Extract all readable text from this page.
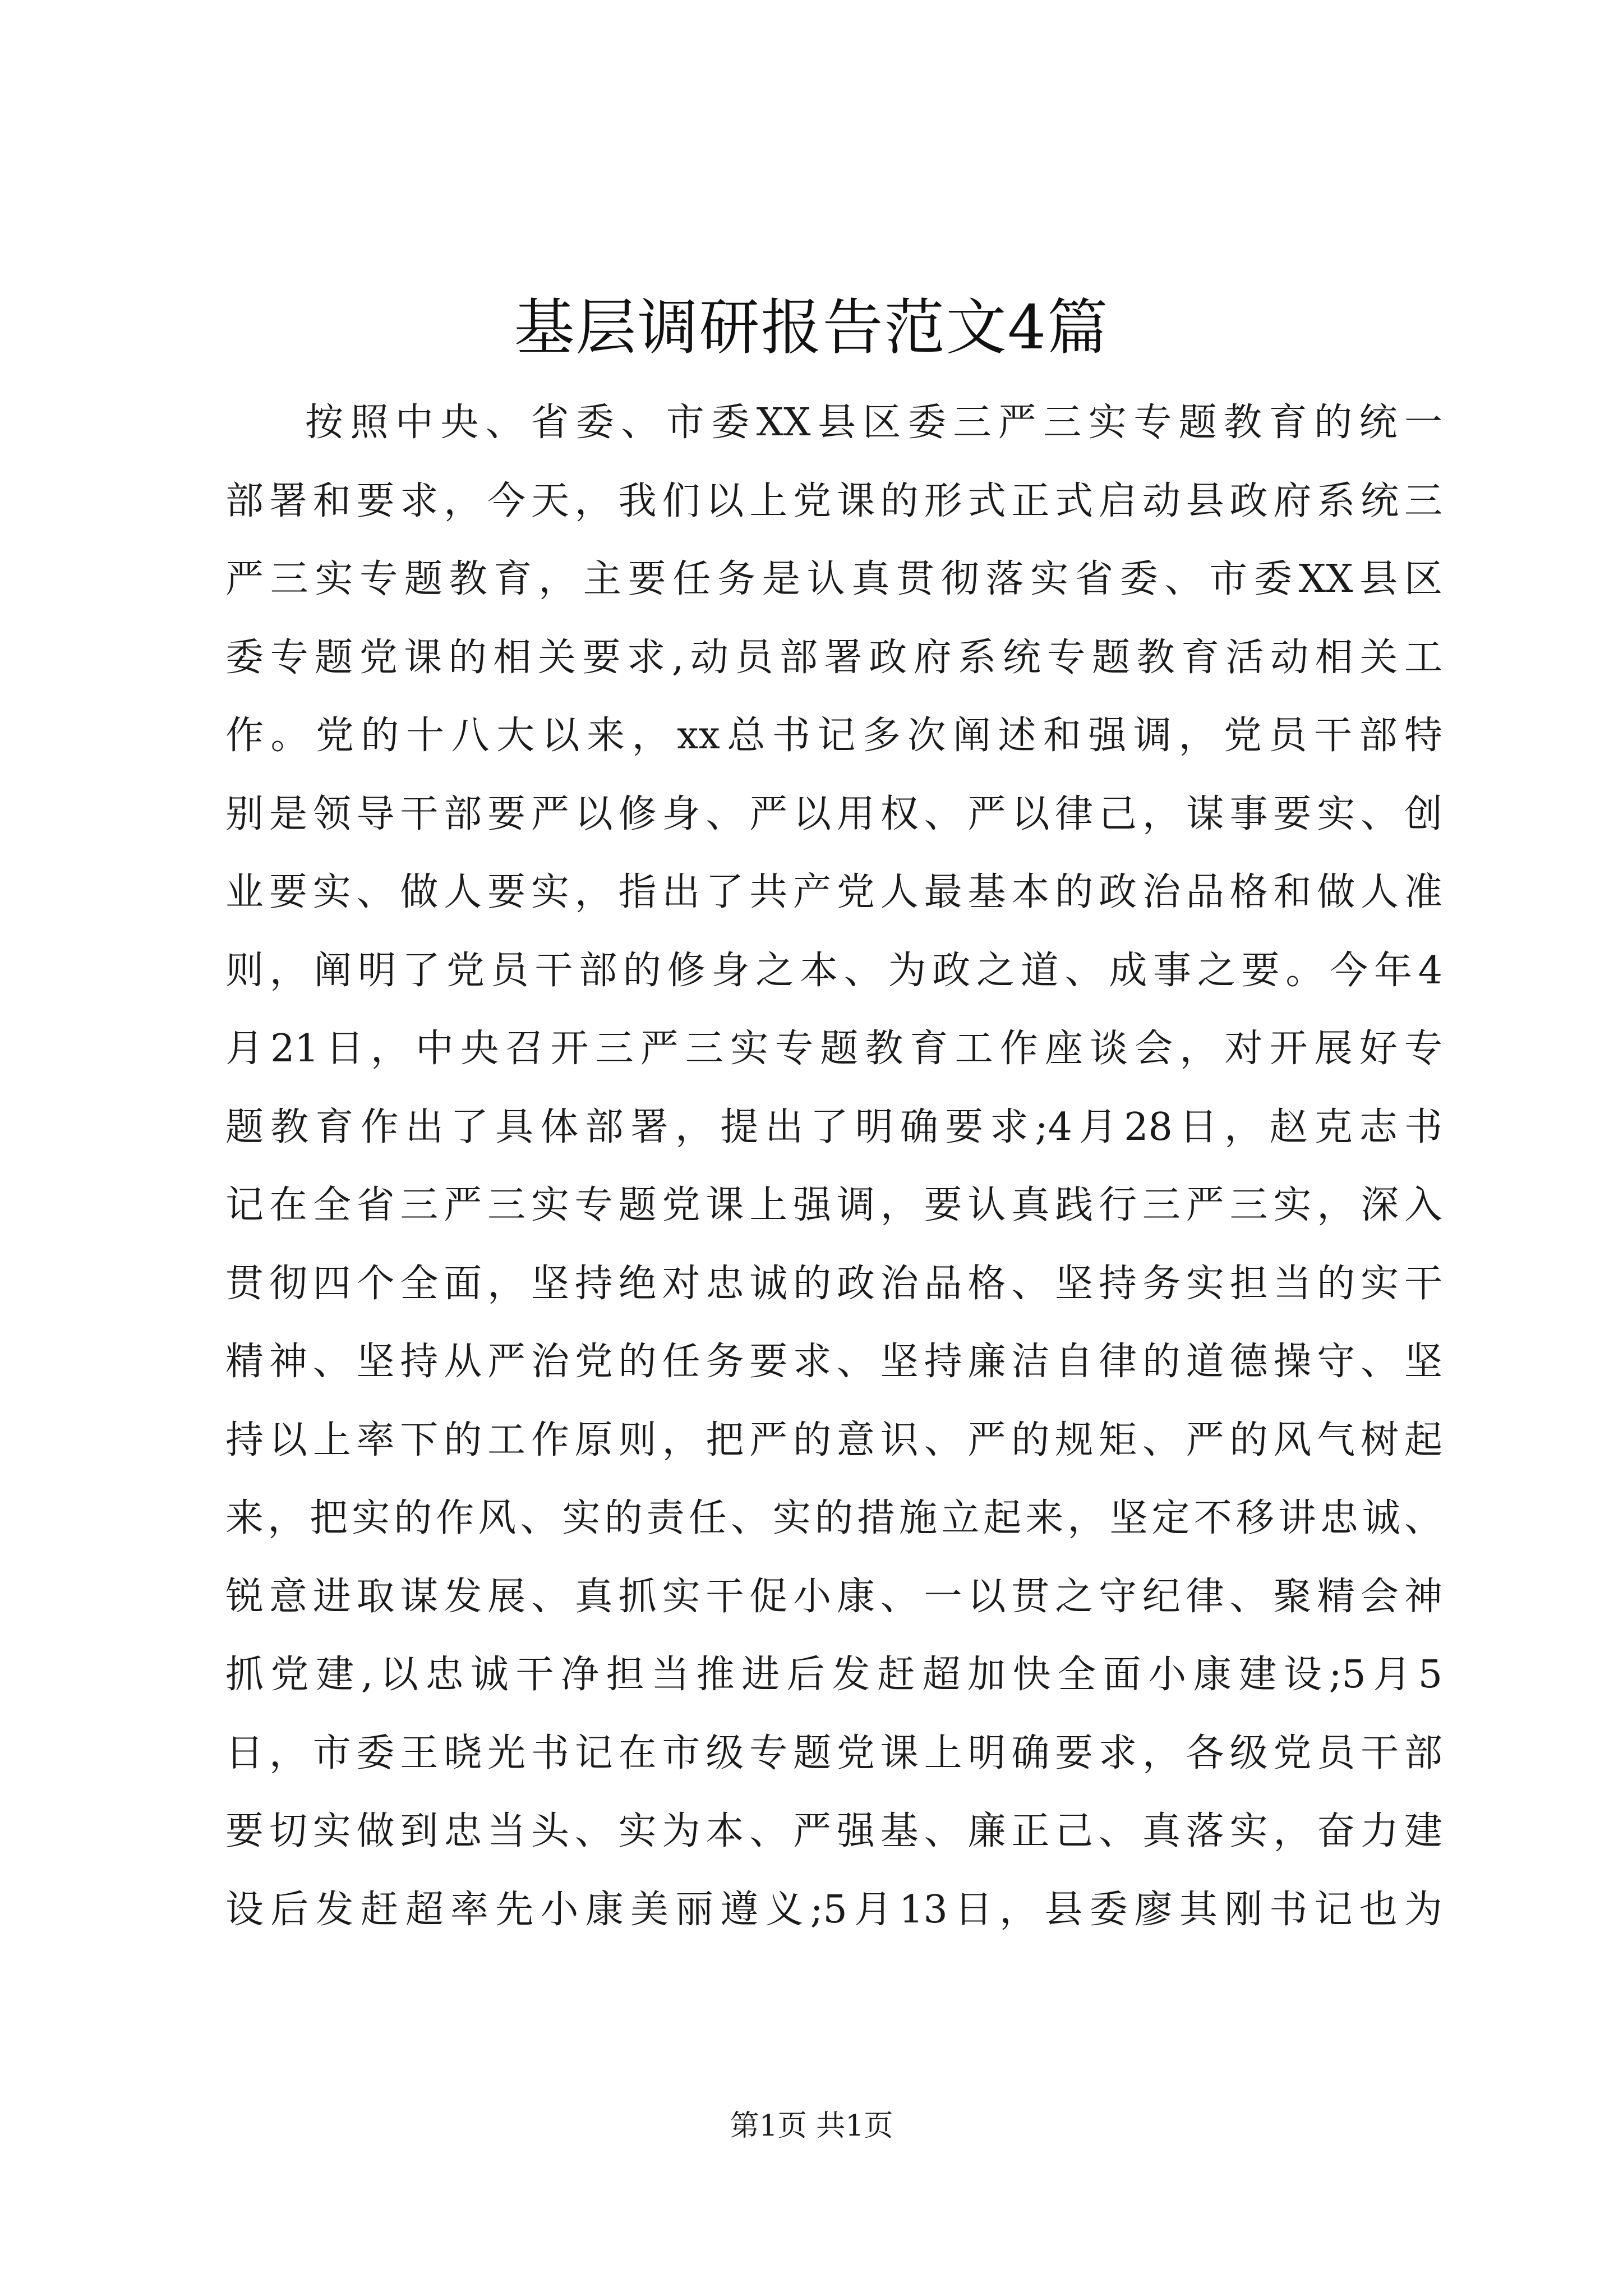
基层调研报告范文4篇
按照中央、省委、市委XX县区委三严三实专题教育的统一
部署和要求，今天，我们以上党课的形式正式启动县政府系统三
严三实专题教育，主要任务是认真贯彻落实省委、市委XX县区
委专题党课的相关要求,动员部署政府系统专题教育活动相关工
作。党的十八大以来，xx总书记多次阐述和强调，党员干部特
别是领导干部要严以修身、严以用权、严以律己，谋事要实、创
业要实、做人要实，指出了共产党人最基本的政治品格和做人准
则，阐明了党员干部的修身之本、为政之道、成事之要。今年4
月21日，中央召开三严三实专题教育工作座谈会，对开展好专
题教育作出了具体部署，提出了明确要求;4月28日，赵克志书
记在全省三严三实专题党课上强调，要认真践行三严三实，深入
贯彻四个全面，坚持绝对忠诚的政治品格、坚持务实担当的实干
精神、坚持从严治党的任务要求、坚持廉洁自律的道德操守、坚
持以上率下的工作原则，把严的意识、严的规矩、严的风气树起
来，把实的作风、实的责任、实的措施立起来，坚定不移讲忠诚、
锐意进取谋发展、真抓实干促小康、一以贯之守纪律、聚精会神
抓党建,以忠诚干净担当推进后发赶超加快全面小康建设;5月5
日，市委王晓光书记在市级专题党课上明确要求，各级党员干部
要切实做到忠当头、实为本、严强基、廉正己、真落实，奋力建
设后发赶超率先小康美丽遵义;5月13日，县委廖其刚书记也为
第1页 共1页
